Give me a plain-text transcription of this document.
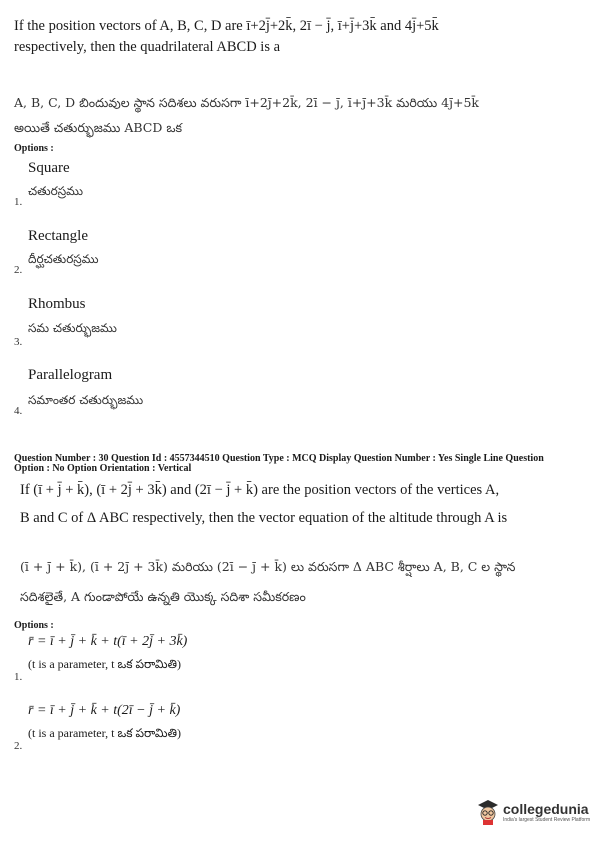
If the position vectors of A, B, C, D are ī+2j̄+2k̄, 2ī − j̄, ī+j̄+3k̄ and 4j̄+5k̄
respectively, then the quadrilateral ABCD is a
A, B, C, D బిందువుల స్థాన సదిశలు వరుసగా ī+2j̄+2k̄, 2ī − j̄, ī+j̄+3k̄ మరియు 4j̄+5k̄
అయితే చతుర్భుజము ABCD ఒక
Options :
Square
చతురస్రము
1.
Rectangle
దీర్ఘచతురస్రము
2.
Rhombus
సమ చతుర్భుజము
3.
Parallelogram
సమాంతర చతుర్భుజము
4.
Question Number : 30 Question Id : 4557344510 Question Type : MCQ Display Question Number : Yes Single Line Question
Option : No Option Orientation : Vertical
If (ī + j̄ + k̄), (ī + 2j̄ + 3k̄) and (2ī − j̄ + k̄) are the position vectors of the vertices A,
B and C of Δ ABC respectively, then the vector equation of the altitude through A is
(ī + j̄ + k̄), (ī + 2j̄ + 3k̄) మరియు (2ī − j̄ + k̄) లు వరుసగా Δ ABC శీర్షాలు A, B, C ల స్థాన
సదిశలైతే, A గుండాపోయే ఉన్నతి యొక్క సదిశా సమీకరణం
Options :
r̄ = ī + j̄ + k̄ + t(ī + 2j̄ + 3k̄)
(t is a parameter, t ఒక పరామితి)
1.
r̄ = ī + j̄ + k̄ + t(2ī − j̄ + k̄)
(t is a parameter, t ఒక పరామితి)
2.
collegedunia
India's largest Student Review Platform
